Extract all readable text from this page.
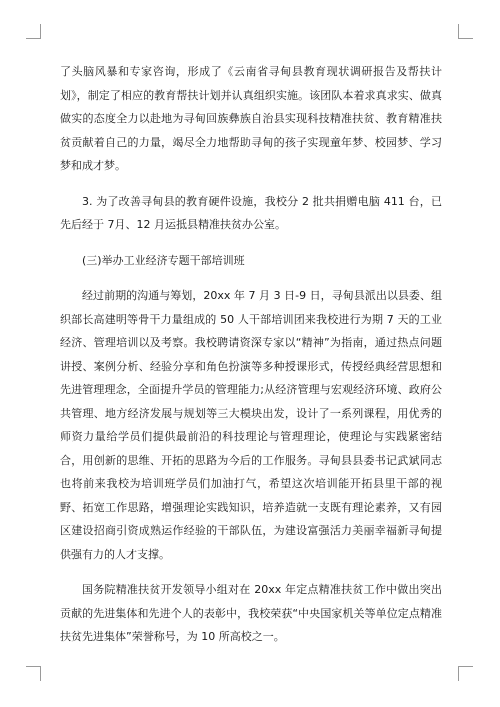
了头脑风暴和专家咨询，形成了《云南省寻甸县教育现状调研报告及帮扶计划》，制定了相应的教育帮扶计划并认真组织实施。该团队本着求真求实、做真做实的态度全力以赴地为寻甸回族彝族自治县实现科技精准扶贫、教育精准扶贫贡献着自己的力量，竭尽全力地帮助寻甸的孩子实现童年梦、校园梦、学习梦和成才梦。

3. 为了改善寻甸县的教育硬件设施，我校分 2 批共捐赠电脑 411 台，已先后经于 7月、12 月运抵县精准扶贫办公室。

(三)举办工业经济专题干部培训班

经过前期的沟通与筹划，20xx 年 7 月 3 日-9 日，寻甸县派出以县委、组织部长高建明等骨干力量组成的 50 人干部培训团来我校进行为期 7 天的工业经济、管理培训以及考察。我校聘请资深专家以“精神”为指南，通过热点问题讲授、案例分析、经验分享和角色扮演等多种授课形式，传授经典经营思想和先进管理理念，全面提升学员的管理能力;从经济管理与宏观经济环境、政府公共管理、地方经济发展与规划等三大模块出发，设计了一系列课程，用优秀的师资力量给学员们提供最前沿的科技理论与管理理论，使理论与实践紧密结合，用创新的思维、开拓的思路为今后的工作服务。寻甸县县委书记武斌同志也将前来我校为培训班学员们加油打气，希望这次培训能开拓县里干部的视野、拓宽工作思路，增强理论实践知识，培养造就一支既有理论素养，又有园区建设招商引资成熟运作经验的干部队伍，为建设富强活力美丽幸福新寻甸提供强有力的人才支撑。

国务院精准扶贫开发领导小组对在 20xx 年定点精准扶贫工作中做出突出贡献的先进集体和先进个人的表彰中，我校荣获“中央国家机关等单位定点精准扶贫先进集体”荣誉称号，为 10 所高校之一。
